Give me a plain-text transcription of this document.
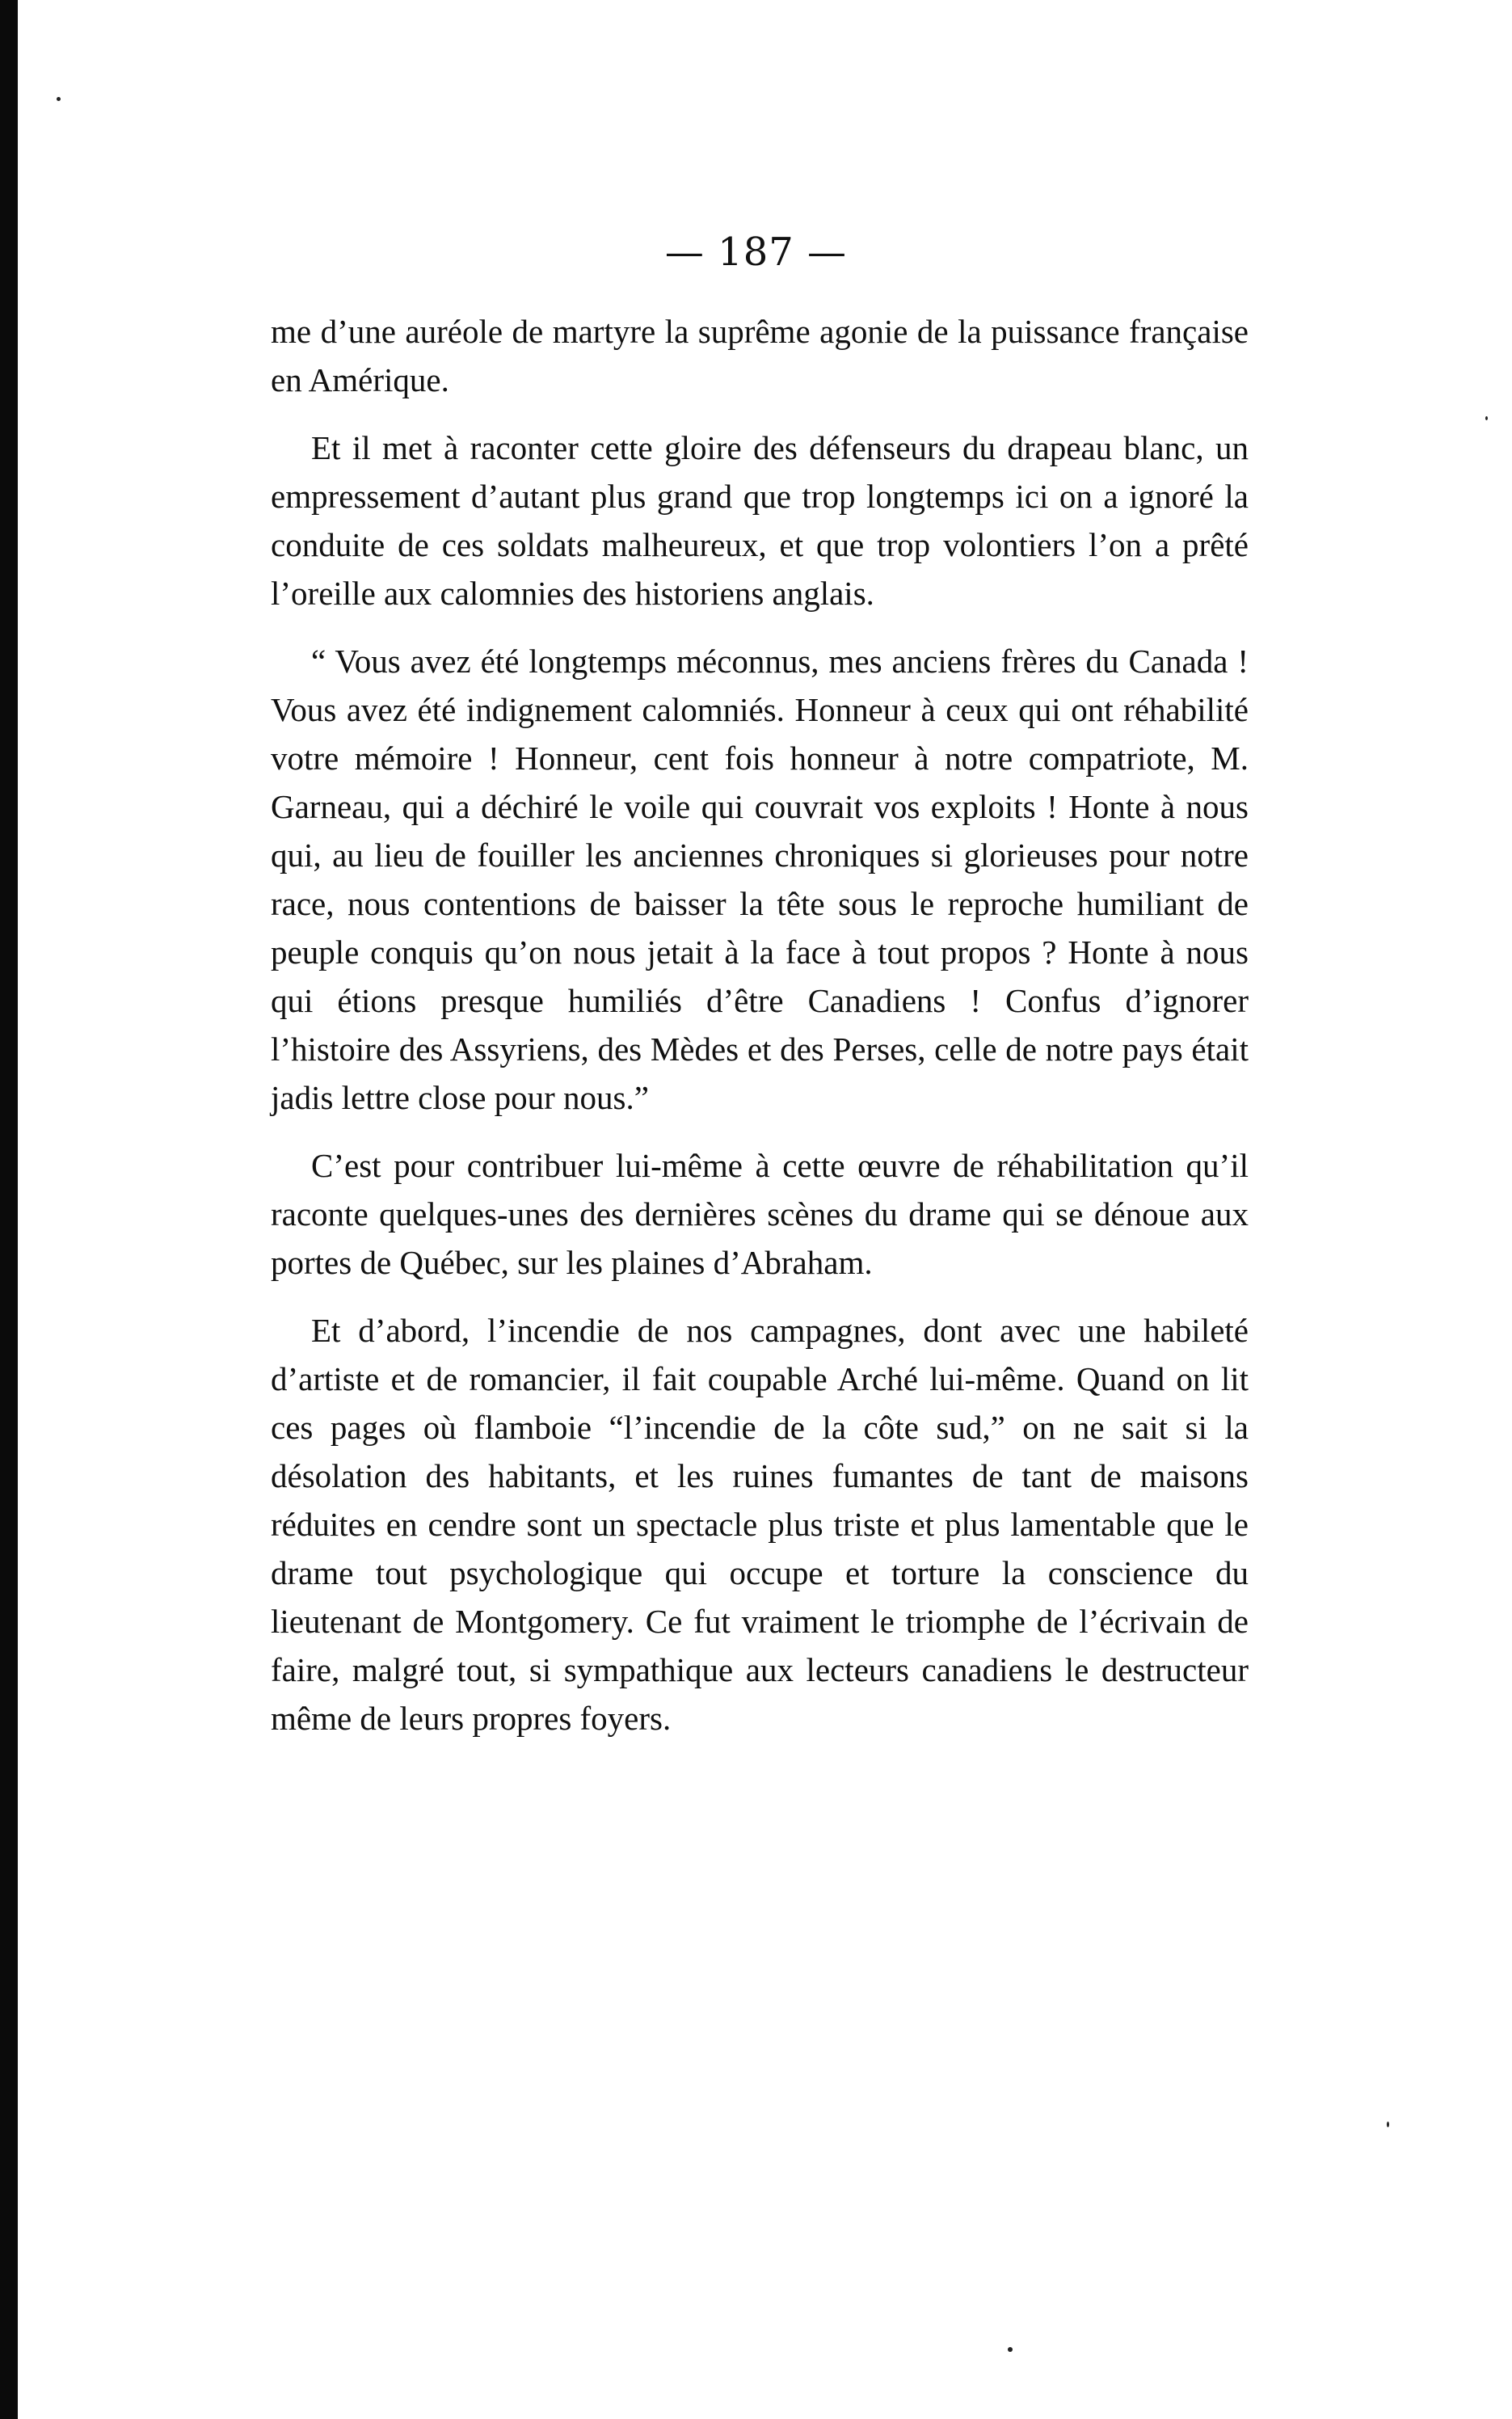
— 187 —

me d’une auréole de martyre la suprême agonie de la puissance française en Amérique.

Et il met à raconter cette gloire des défenseurs du drapeau blanc, un empressement d’autant plus grand que trop longtemps ici on a ignoré la conduite de ces soldats malheureux, et que trop volontiers l’on a prêté l’oreille aux calomnies des historiens anglais.

“ Vous avez été longtemps méconnus, mes anciens frères du Canada ! Vous avez été indignement calomniés. Honneur à ceux qui ont réhabilité votre mémoire ! Honneur, cent fois honneur à notre compatriote, M. Garneau, qui a déchiré le voile qui couvrait vos exploits ! Honte à nous qui, au lieu de fouiller les anciennes chroniques si glorieuses pour notre race, nous contentions de baisser la tête sous le reproche humiliant de peuple conquis qu’on nous jetait à la face à tout propos ? Honte à nous qui étions presque humiliés d’être Canadiens ! Confus d’ignorer l’histoire des Assyriens, des Mèdes et des Perses, celle de notre pays était jadis lettre close pour nous.”

C’est pour contribuer lui-même à cette œuvre de réhabilitation qu’il raconte quelques-unes des dernières scènes du drame qui se dénoue aux portes de Québec, sur les plaines d’Abraham.

Et d’abord, l’incendie de nos campagnes, dont avec une habileté d’artiste et de romancier, il fait coupable Arché lui-même. Quand on lit ces pages où flamboie “l’incendie de la côte sud,” on ne sait si la désolation des habitants, et les ruines fumantes de tant de maisons réduites en cendre sont un spectacle plus triste et plus lamentable que le drame tout psychologique qui occupe et torture la conscience du lieutenant de Montgomery. Ce fut vraiment le triomphe de l’écrivain de faire, malgré tout, si sympathique aux lecteurs canadiens le destructeur même de leurs propres foyers.
